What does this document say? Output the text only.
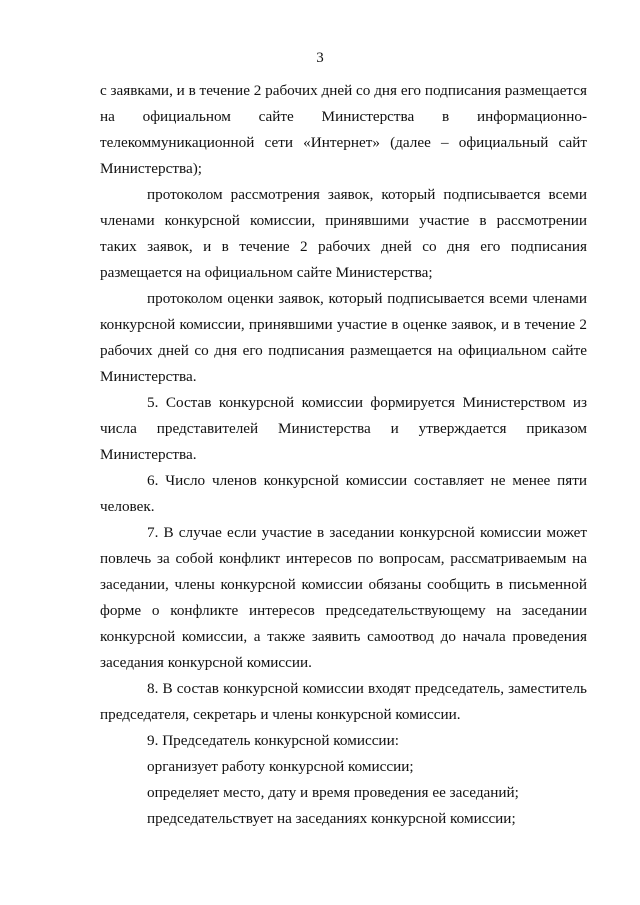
3

с заявками, и в течение 2 рабочих дней со дня его подписания размещается на официальном сайте Министерства в информационно-телекоммуникационной сети «Интернет» (далее – официальный сайт Министерства);

протоколом рассмотрения заявок, который подписывается всеми членами конкурсной комиссии, принявшими участие в рассмотрении таких заявок, и в течение 2 рабочих дней со дня его подписания размещается на официальном сайте Министерства;

протоколом оценки заявок, который подписывается всеми членами конкурсной комиссии, принявшими участие в оценке заявок, и в течение 2 рабочих дней со дня его подписания размещается на официальном сайте Министерства.

5. Состав конкурсной комиссии формируется Министерством из числа представителей Министерства и утверждается приказом Министерства.

6. Число членов конкурсной комиссии составляет не менее пяти человек.

7. В случае если участие в заседании конкурсной комиссии может повлечь за собой конфликт интересов по вопросам, рассматриваемым на заседании, члены конкурсной комиссии обязаны сообщить в письменной форме о конфликте интересов председательствующему на заседании конкурсной комиссии, а также заявить самоотвод до начала проведения заседания конкурсной комиссии.

8. В состав конкурсной комиссии входят председатель, заместитель председателя, секретарь и члены конкурсной комиссии.

9. Председатель конкурсной комиссии:

организует работу конкурсной комиссии;

определяет место, дату и время проведения ее заседаний;

председательствует на заседаниях конкурсной комиссии;
